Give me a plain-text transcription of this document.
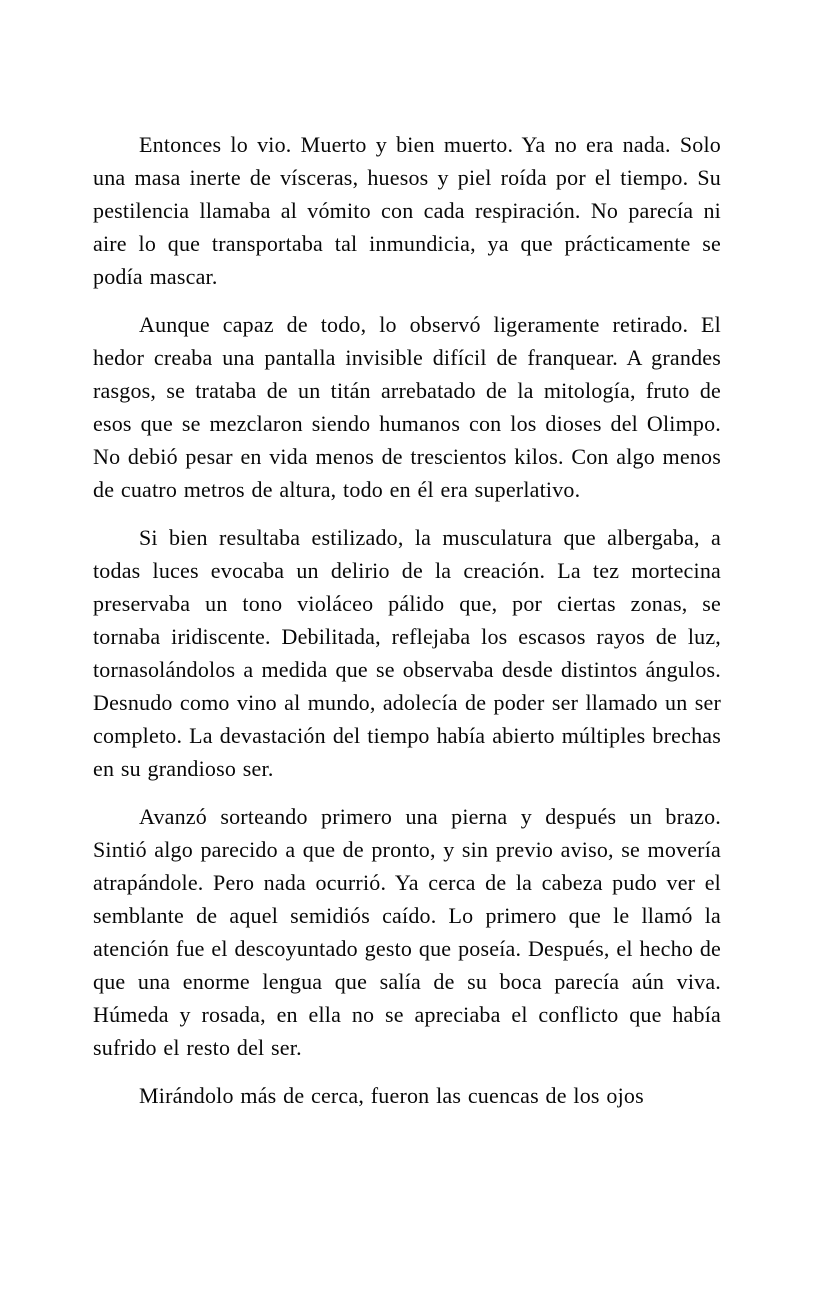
Entonces lo vio. Muerto y bien muerto. Ya no era nada. Solo una masa inerte de vísceras, huesos y piel roída por el tiempo. Su pestilencia llamaba al vómito con cada respiración. No parecía ni aire lo que transportaba tal inmundicia, ya que prácticamente se podía mascar.

Aunque capaz de todo, lo observó ligeramente retirado. El hedor creaba una pantalla invisible difícil de franquear. A grandes rasgos, se trataba de un titán arrebatado de la mitología, fruto de esos que se mezclaron siendo humanos con los dioses del Olimpo. No debió pesar en vida menos de trescientos kilos. Con algo menos de cuatro metros de altura, todo en él era superlativo.

Si bien resultaba estilizado, la musculatura que albergaba, a todas luces evocaba un delirio de la creación. La tez mortecina preservaba un tono violáceo pálido que, por ciertas zonas, se tornaba iridiscente. Debilitada, reflejaba los escasos rayos de luz, tornasolándolos a medida que se observaba desde distintos ángulos. Desnudo como vino al mundo, adolecía de poder ser llamado un ser completo. La devastación del tiempo había abierto múltiples brechas en su grandioso ser.

Avanzó sorteando primero una pierna y después un brazo. Sintió algo parecido a que de pronto, y sin previo aviso, se movería atrapándole. Pero nada ocurrió. Ya cerca de la cabeza pudo ver el semblante de aquel semidiós caído. Lo primero que le llamó la atención fue el descoyuntado gesto que poseía. Después, el hecho de que una enorme lengua que salía de su boca parecía aún viva. Húmeda y rosada, en ella no se apreciaba el conflicto que había sufrido el resto del ser.

Mirándolo más de cerca, fueron las cuencas de los ojos
